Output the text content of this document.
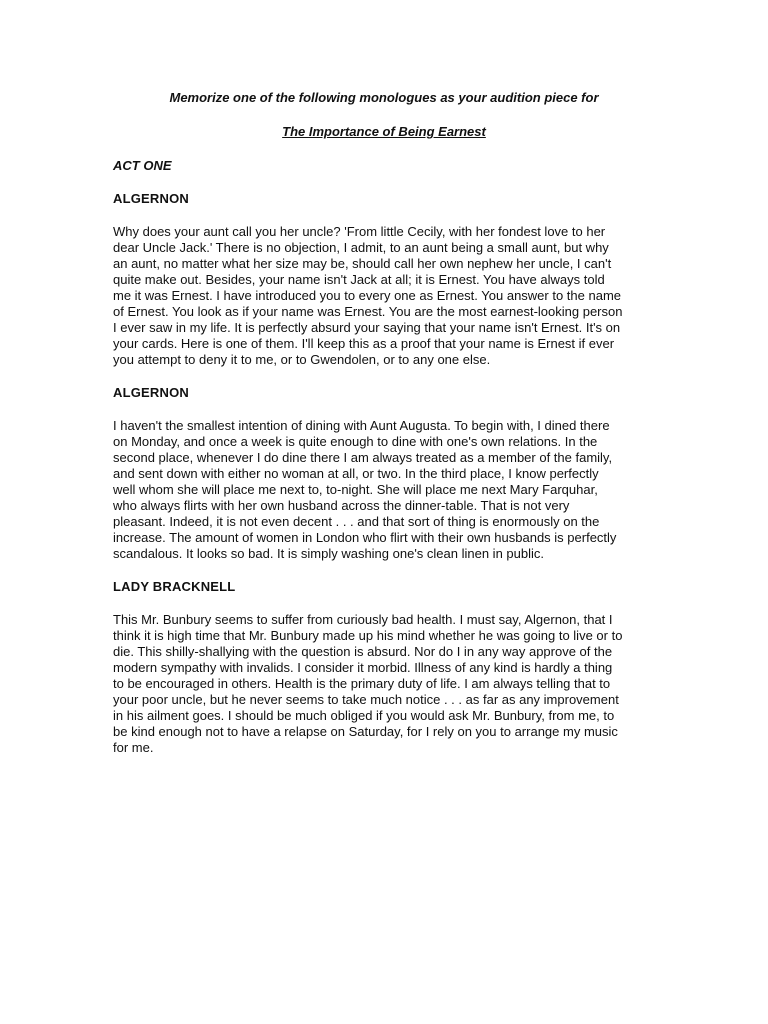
Memorize one of the following monologues as your audition piece for
The Importance of Being Earnest
ACT ONE
ALGERNON
Why does your aunt call you her uncle? 'From little Cecily, with her fondest love to her
dear Uncle Jack.' There is no objection, I admit, to an aunt being a small aunt, but why
an aunt, no matter what her size may be, should call her own nephew her uncle, I can't
quite make out. Besides, your name isn't Jack at all; it is Ernest. You have always told
me it was Ernest. I have introduced you to every one as Ernest. You answer to the name
of Ernest. You look as if your name was Ernest. You are the most earnest-looking person
I ever saw in my life. It is perfectly absurd your saying that your name isn't Ernest. It's on
your cards. Here is one of them. I'll keep this as a proof that your name is Ernest if ever
you attempt to deny it to me, or to Gwendolen, or to any one else.
ALGERNON
I haven't the smallest intention of dining with Aunt Augusta. To begin with, I dined there
on Monday, and once a week is quite enough to dine with one's own relations. In the
second place, whenever I do dine there I am always treated as a member of the family,
and sent down with either no woman at all, or two. In the third place, I know perfectly
well whom she will place me next to, to-night. She will place me next Mary Farquhar,
who always flirts with her own husband across the dinner-table. That is not very
pleasant. Indeed, it is not even decent . . . and that sort of thing is enormously on the
increase. The amount of women in London who flirt with their own husbands is perfectly
scandalous. It looks so bad. It is simply washing one's clean linen in public.
LADY BRACKNELL
This Mr. Bunbury seems to suffer from curiously bad health. I must say, Algernon, that I
think it is high time that Mr. Bunbury made up his mind whether he was going to live or to
die. This shilly-shallying with the question is absurd. Nor do I in any way approve of the
modern sympathy with invalids. I consider it morbid. Illness of any kind is hardly a thing
to be encouraged in others. Health is the primary duty of life. I am always telling that to
your poor uncle, but he never seems to take much notice . . . as far as any improvement
in his ailment goes. I should be much obliged if you would ask Mr. Bunbury, from me, to
be kind enough not to have a relapse on Saturday, for I rely on you to arrange my music
for me.
